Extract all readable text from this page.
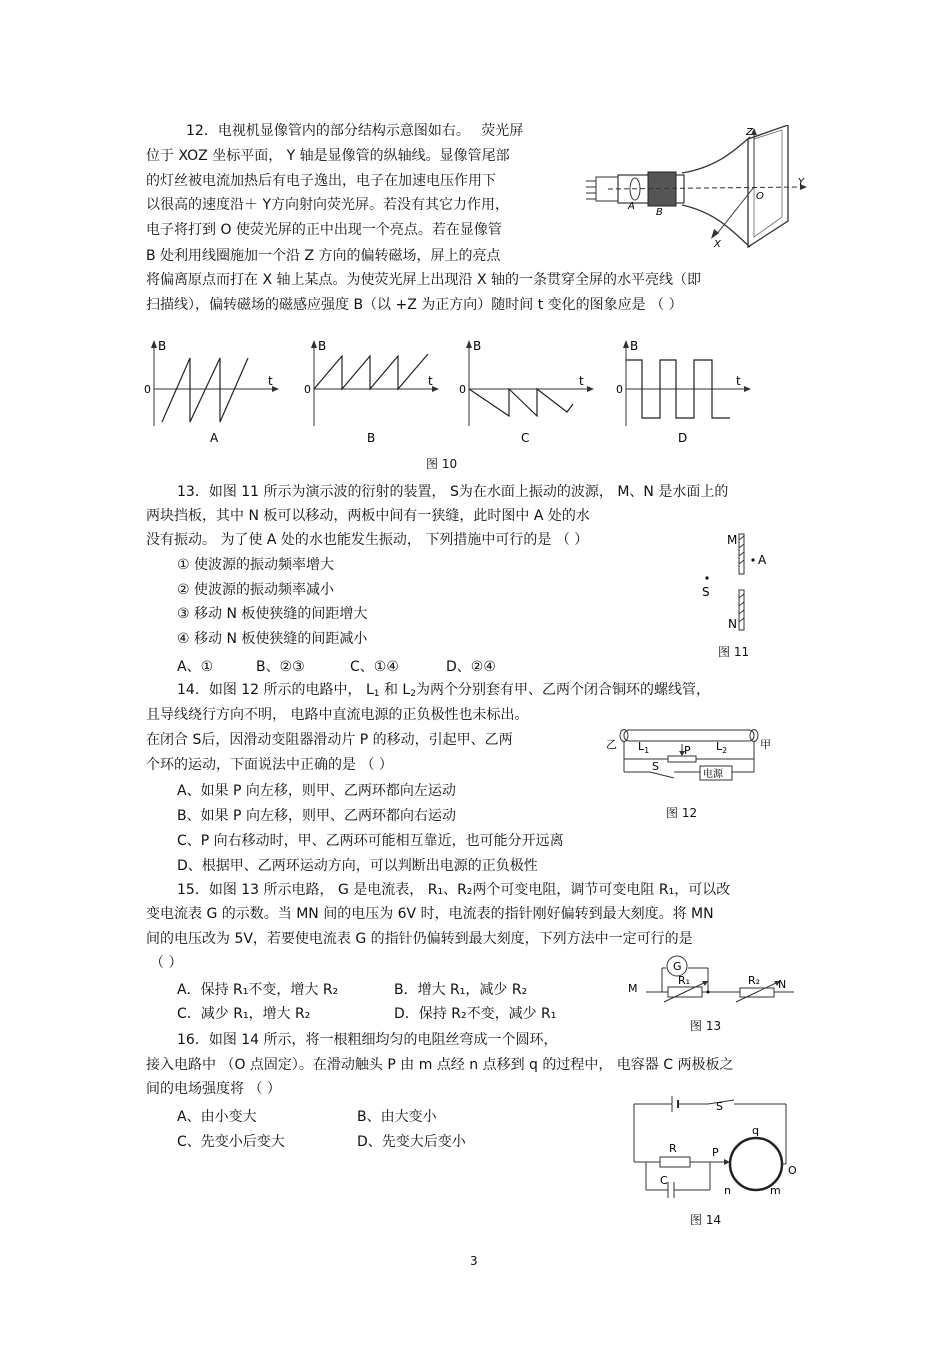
12．电视机显像管内的部分结构示意图如右。　 荧光屏
位于 XOZ 坐标平面， Y 轴是显像管的纵轴线。显像管尾部
的灯丝被电流加热后有电子逸出，电子在加速电压作用下
以很高的速度沿＋ Y方向射向荧光屏。若没有其它力作用，
电子将打到 O 使荧光屏的正中出现一个亮点。若在显像管
B 处利用线圈施加一个沿 Z 方向的偏转磁场，屏上的亮点
将偏离原点而打在 X 轴上某点。为使荧光屏上出现沿 X 轴的一条贯穿全屏的水平亮线（即
扫描线），偏转磁场的磁感应强度 B（以 +Z 为正方向）随时间 t 变化的图象应是 （ ）
Z
Y
X
O
A
B
B
t
0
A
B
t
0
B
B
t
0
C
B
t
0
D
图 10
13．如图 11 所示为演示波的衍射的装置， S为在水面上振动的波源， M、N 是水面上的
两块挡板，其中 N 板可以移动，两板中间有一狭缝，此时图中 A 处的水
没有振动。 为了使 A 处的水也能发生振动， 下列措施中可行的是 （ ）
① 使波源的振动频率增大
② 使波源的振动频率减小
③ 移动 N 板使狭缝的间距增大
④ 移动 N 板使狭缝的间距减小
A、①	B、②③	C、①④	D、②④
M
A
S
N
图 11
14．如图 12 所示的电路中， $L_1$ 和 $L_2$为两个分别套有甲、乙两个闭合铜环的螺线管，
且导线绕行方向不明， 电路中直流电源的正负极性也未标出。
在闭合 S后，因滑动变阻器滑动片 P 的移动，引起甲、乙两
个环的运动，下面说法中正确的是 （ ）
A、如果 P 向左移，则甲、乙两环都向左运动
B、如果 P 向左移，则甲、乙两环都向右运动
C、P 向右移动时，甲、乙两环可能相互靠近，也可能分开远离
D、根据甲、乙两环运动方向，可以判断出电源的正负极性
乙	甲
$L_1$	$L_2$
P
S
电源
图 12
15．如图 13 所示电路， G 是电流表， R₁、R₂两个可变电阻，调节可变电阻 R₁，可以改
变电流表 G 的示数。当 MN 间的电压为 6V 时，电流表的指针刚好偏转到最大刻度。将 MN
间的电压改为 5V，若要使电流表 G 的指针仍偏转到最大刻度，下列方法中一定可行的是
（ ）
A．保持 R₁不变，增大 R₂	B．增大 R₁，减少 R₂
C．减少 R₁，增大 R₂	D．保持 R₂不变，减少 R₁
G
M	N
R₁	R₂
图 13
16．如图 14 所示，将一根粗细均匀的电阻丝弯成一个圆环，
接入电路中 （O 点固定）。在滑动触头 P 由 m 点经 n 点移到 q 的过程中， 电容器 C 两极板之
间的电场强度将 （ ）
A、由小变大	B、由大变小
C、先变小后变大	D、先变大后变小
S
R	P
q
C
n	m
O
图 14
3
